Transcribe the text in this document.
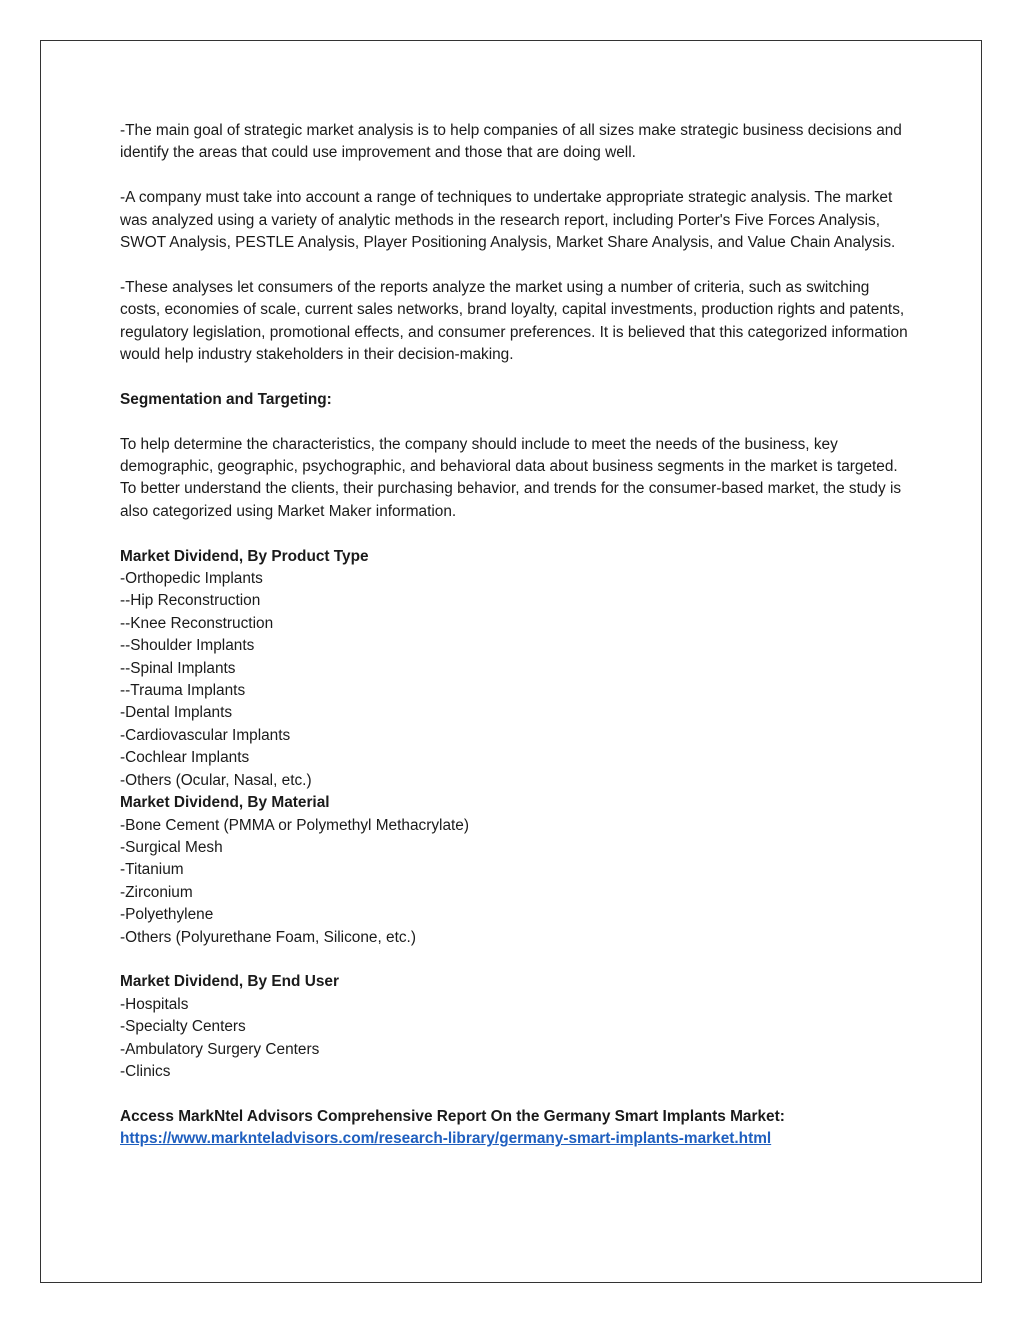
-The main goal of strategic market analysis is to help companies of all sizes make strategic business decisions and identify the areas that could use improvement and those that are doing well.

-A company must take into account a range of techniques to undertake appropriate strategic analysis. The market was analyzed using a variety of analytic methods in the research report, including Porter's Five Forces Analysis, SWOT Analysis, PESTLE Analysis, Player Positioning Analysis, Market Share Analysis, and Value Chain Analysis.

-These analyses let consumers of the reports analyze the market using a number of criteria, such as switching costs, economies of scale, current sales networks, brand loyalty, capital investments, production rights and patents, regulatory legislation, promotional effects, and consumer preferences. It is believed that this categorized information would help industry stakeholders in their decision-making.

Segmentation and Targeting:

To help determine the characteristics, the company should include to meet the needs of the business, key demographic, geographic, psychographic, and behavioral data about business segments in the market is targeted. To better understand the clients, their purchasing behavior, and trends for the consumer-based market, the study is also categorized using Market Maker information.

Market Dividend, By Product Type

-Orthopedic Implants
--Hip Reconstruction
--Knee Reconstruction
--Shoulder Implants
--Spinal Implants
--Trauma Implants
-Dental Implants
-Cardiovascular Implants
-Cochlear Implants
-Others (Ocular, Nasal, etc.)

Market Dividend, By Material

-Bone Cement (PMMA or Polymethyl Methacrylate)
-Surgical Mesh
-Titanium
-Zirconium
-Polyethylene
-Others (Polyurethane Foam, Silicone, etc.)

Market Dividend, By End User

-Hospitals
-Specialty Centers
-Ambulatory Surgery Centers
-Clinics

Access MarkNtel Advisors Comprehensive Report On the Germany Smart Implants Market:

https://www.marknteladvisors.com/research-library/germany-smart-implants-market.html
